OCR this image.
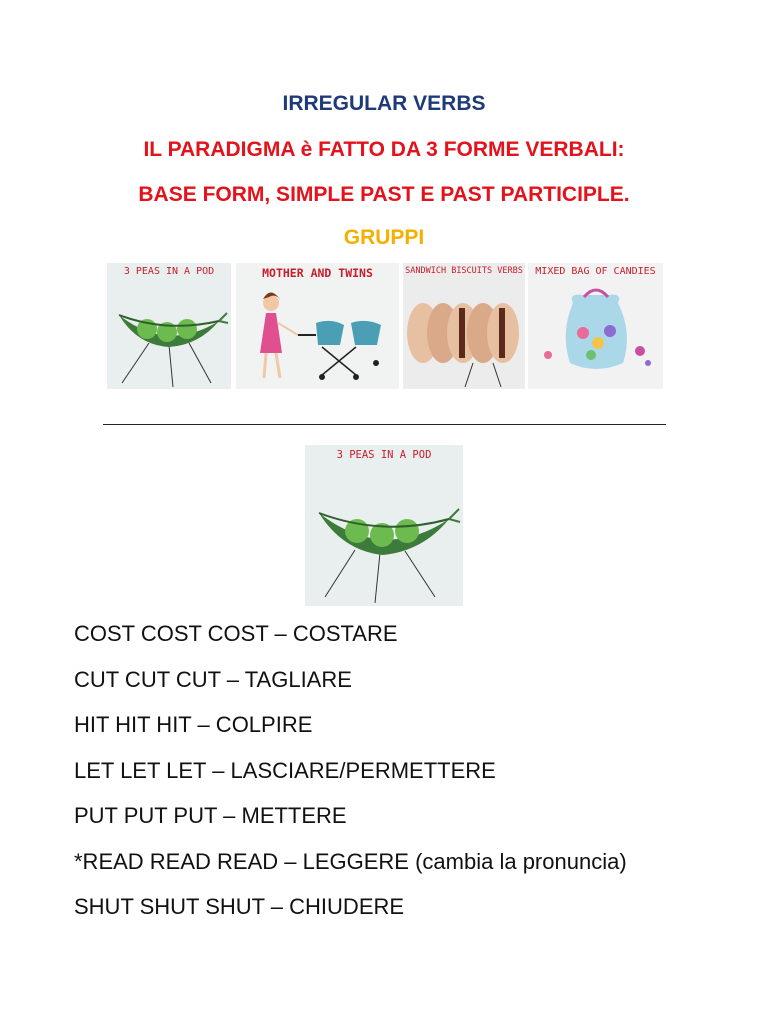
IRREGULAR VERBS

IL PARADIGMA è FATTO DA 3 FORME VERBALI:

BASE FORM, SIMPLE PAST E PAST PARTICIPLE.

GRUPPI

3 PEAS IN A POD	MOTHER AND TWINS	SANDWICH BISCUITS VERBS	MIXED BAG OF CANDIES
3 PEAS IN A POD
COST COST COST – COSTARE
CUT CUT CUT – TAGLIARE
HIT HIT HIT – COLPIRE
LET LET LET – LASCIARE/PERMETTERE
PUT PUT PUT – METTERE
*READ READ READ – LEGGERE (cambia la pronuncia)
SHUT SHUT SHUT – CHIUDERE
